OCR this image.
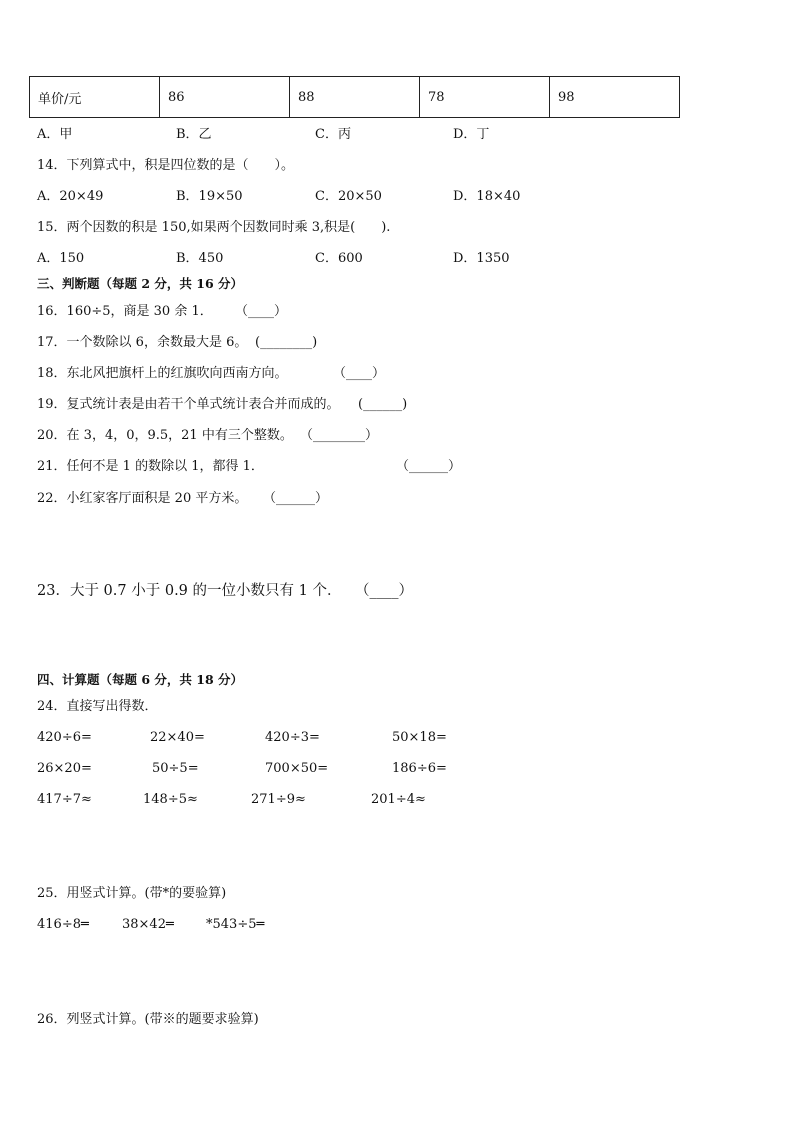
单价/元	86	88	78	98
A．甲	B．乙	C．丙	D．丁
14．下列算式中，积是四位数的是（　　）。
A．20×49	B．19×50	C．20×50	D．18×40
15．两个因数的积是 150,如果两个因数同时乘 3,积是(　　).
A．150	B．450	C．600	D．1350
三、判断题（每题 2 分，共 16 分）
16．160÷5，商是 30 余 1． （____）
17．一个数除以 6，余数最大是 6。 (________)
18．东北风把旗杆上的红旗吹向西南方向。	（____）
19．复式统计表是由若干个单式统计表合并而成的。 (______)
20．在 3，4，0，9.5，21 中有三个整数。 （________）
21．任何不是 1 的数除以 1，都得 1．	（______）
22．小红家客厅面积是 20 平方米。 （______）
23．大于 0.7 小于 0.9 的一位小数只有 1 个． （____）
四、计算题（每题 6 分，共 18 分）
24．直接写出得数．
420÷6=	22×40=	420÷3=	50×18=
26×20=	50÷5=	700×50=	186÷6=
417÷7≈	148÷5≈	271÷9≈	201÷4≈
25．用竖式计算。(带*的要验算)
416÷8═	38×42═ *543÷5═
26．列竖式计算。(带※的题要求验算)
